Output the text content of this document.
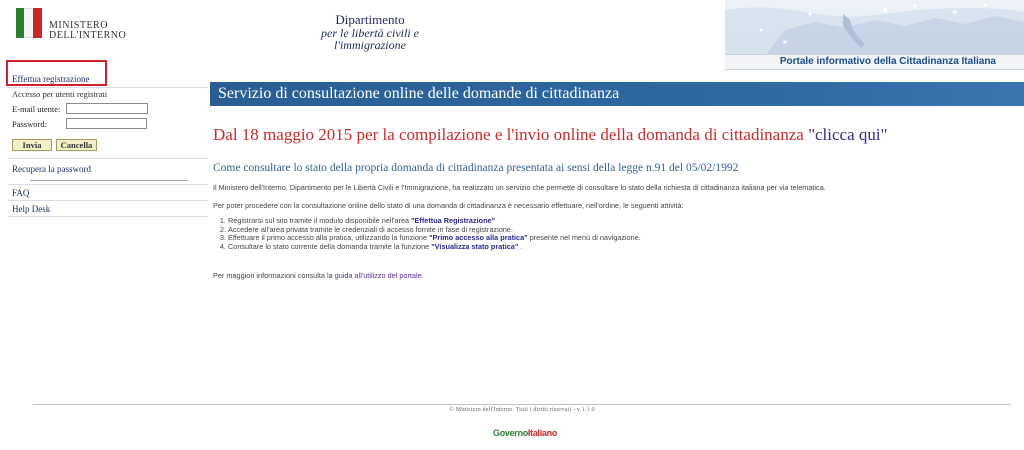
MINISTERO
DELL'INTERNO
Dipartimento
per le libertà civili e
l'immigrazione
Portale informativo della Cittadinanza Italiana
Effettua registrazione
Accesso per utenti registrati
E-mail utente:
Password:
Invia	Cancella
Recupera la password
FAQ
Help Desk
Servizio di consultazione online delle domande di cittadinanza
Dal 18 maggio 2015 per la compilazione e l'invio online della domanda di cittadinanza "clicca qui"
Come consultare lo stato della propria domanda di cittadinanza presentata ai sensi della legge n.91 del 05/02/1992
Il Ministero dell'Interno, Dipartimento per le Libertà Civili e l'Immigrazione, ha realizzato un servizio che permette di consultare lo stato della richiesta di cittadinanza italiana per via telematica.
Per poter procedere con la consultazione online dello stato di una domanda di cittadinanza è necessario effettuare, nell'ordine, le seguenti attività:
1. Registrarsi sul sito tramite il modulo disponibile nell'area "Effettua Registrazione"
2. Accedere all'area privata tramite le credenziali di accesso fornite in fase di registrazione.
3. Effettuare il primo accesso alla pratica, utilizzando la funzione "Primo accesso alla pratica" presente nel menù di navigazione.
4. Consultare lo stato corrente della domanda tramite la funzione "Visualizza stato pratica" .
Per maggiori informazioni consulta la guida all'utilizzo del portale.
© Ministero dell'Interno. Tutti i diritti riservati - v 1.1.0
GovernoItaliano
